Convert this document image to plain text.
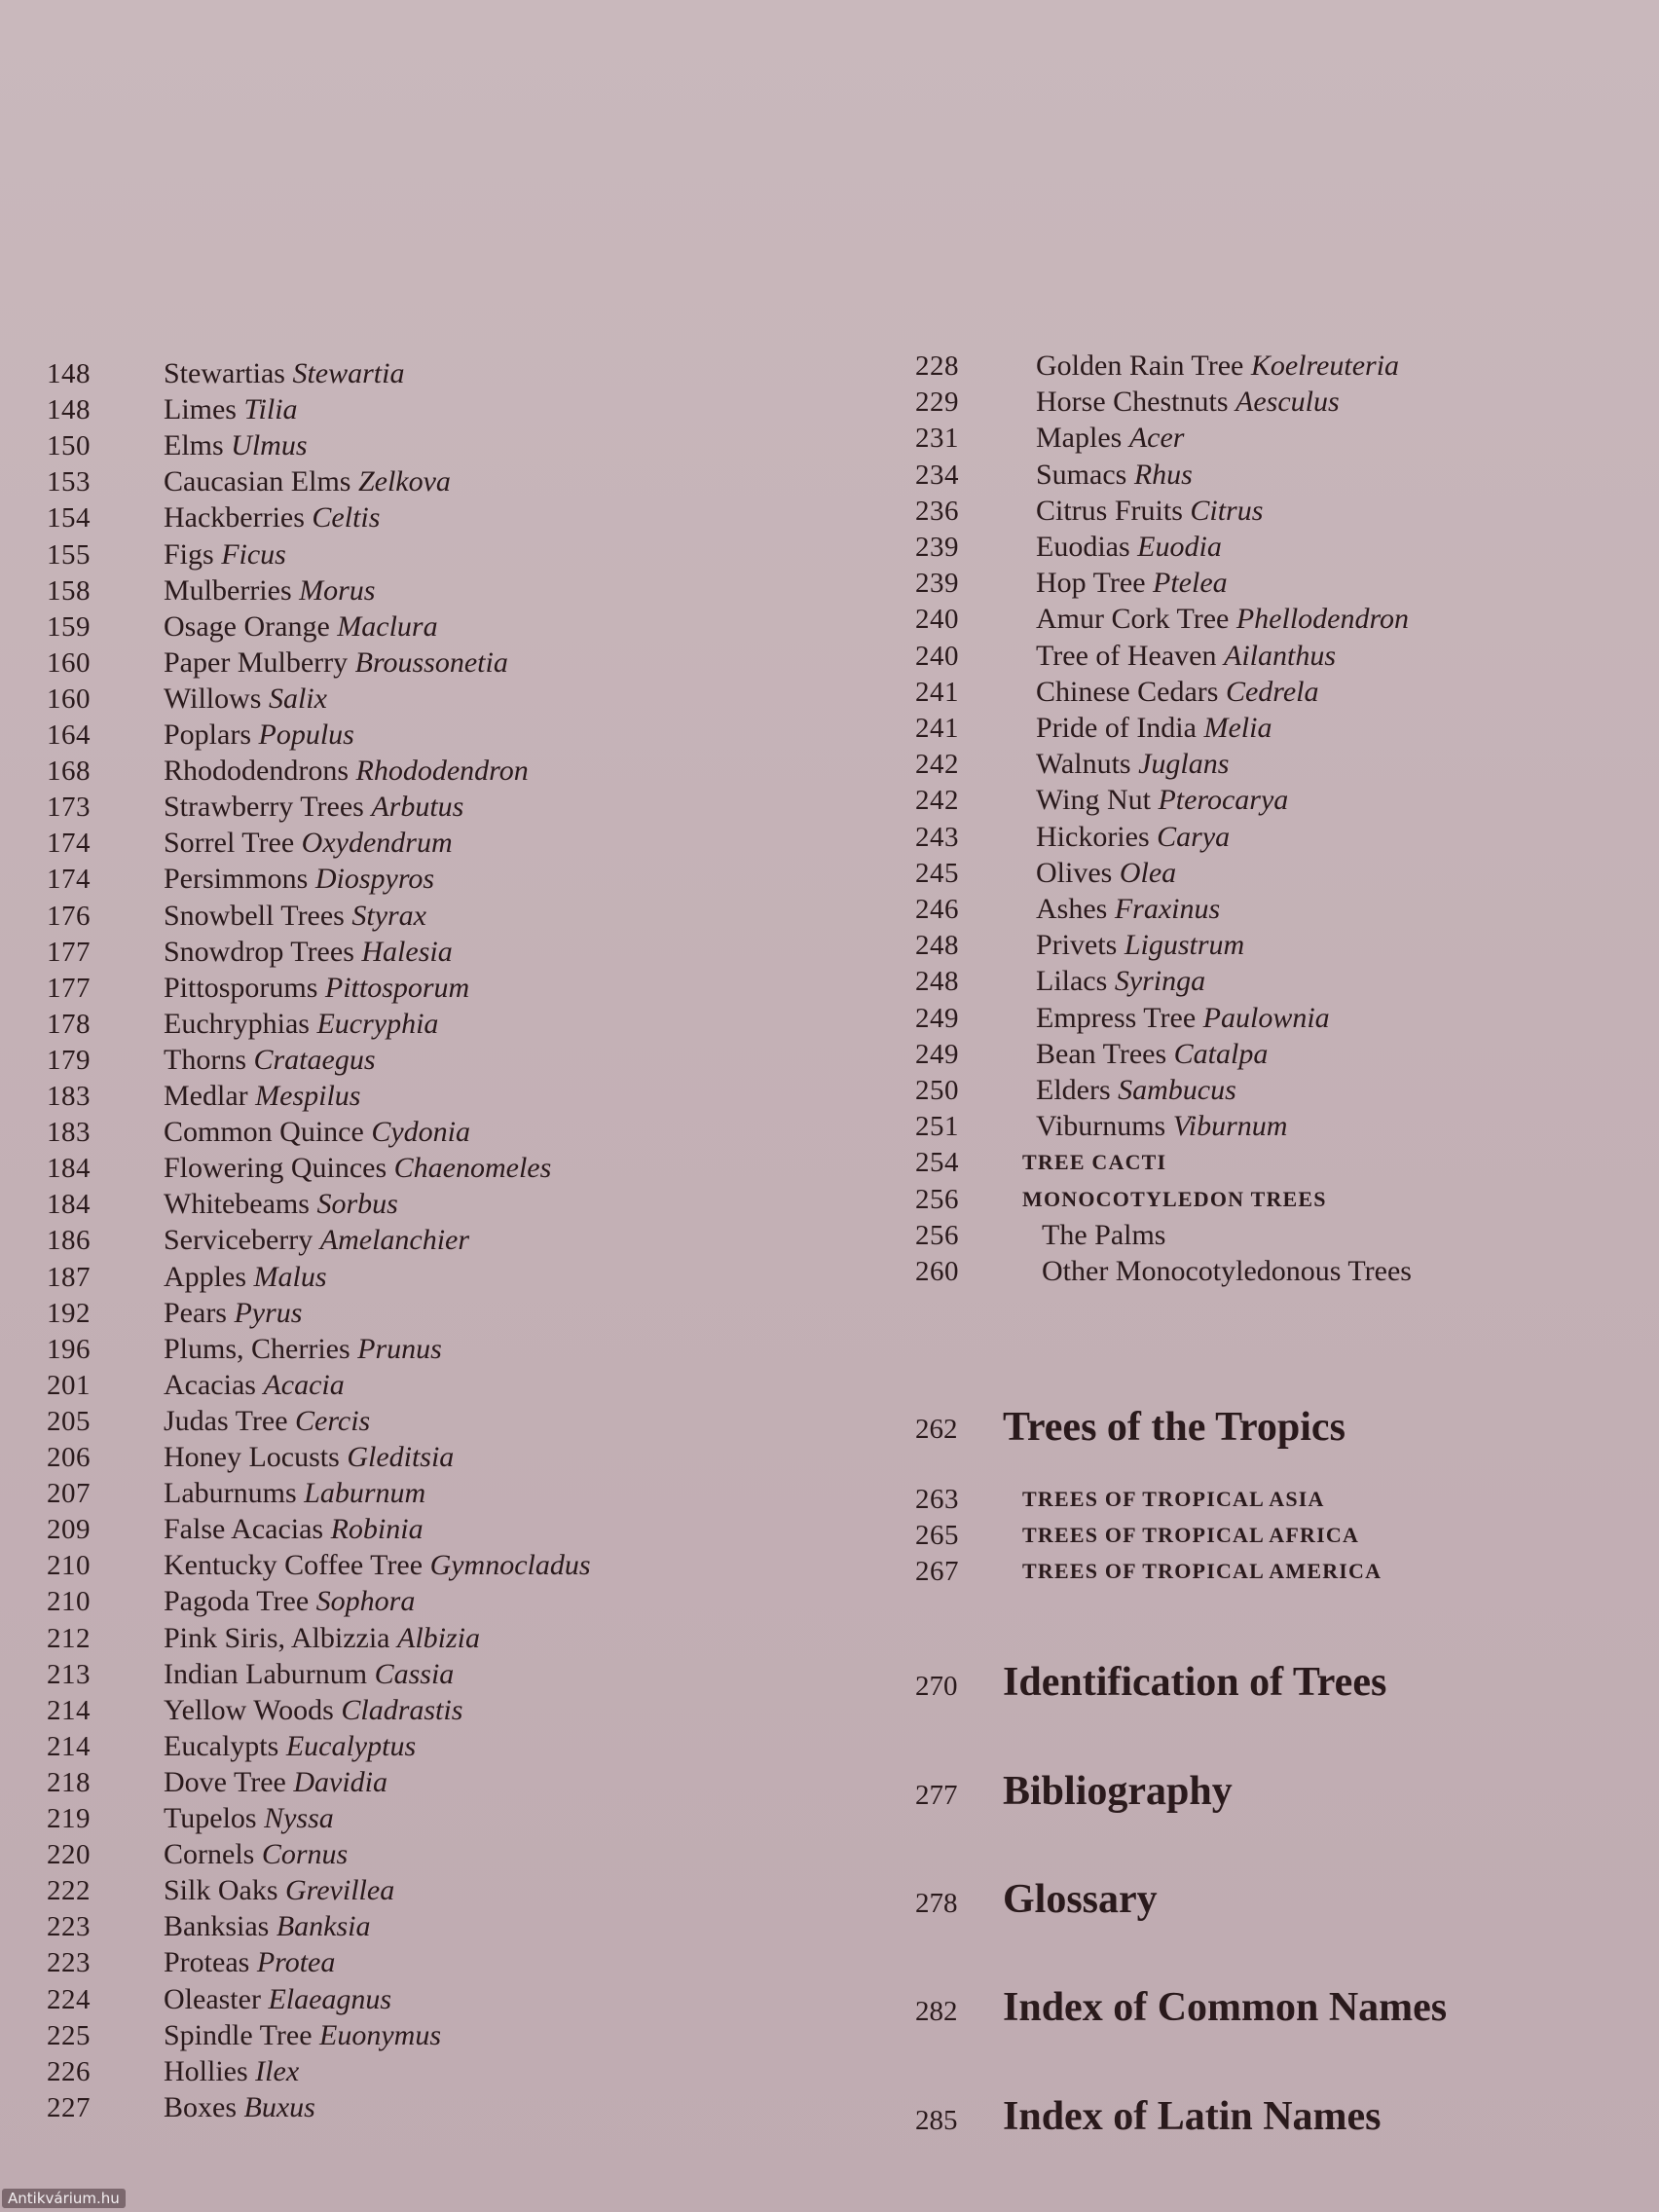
148	Stewartias Stewartia
148	Limes Tilia
150	Elms Ulmus
153	Caucasian Elms Zelkova
154	Hackberries Celtis
155	Figs Ficus
158	Mulberries Morus
159	Osage Orange Maclura
160	Paper Mulberry Broussonetia
160	Willows Salix
164	Poplars Populus
168	Rhododendrons Rhododendron
173	Strawberry Trees Arbutus
174	Sorrel Tree Oxydendrum
174	Persimmons Diospyros
176	Snowbell Trees Styrax
177	Snowdrop Trees Halesia
177	Pittosporums Pittosporum
178	Euchryphias Eucryphia
179	Thorns Crataegus
183	Medlar Mespilus
183	Common Quince Cydonia
184	Flowering Quinces Chaenomeles
184	Whitebeams Sorbus
186	Serviceberry Amelanchier
187	Apples Malus
192	Pears Pyrus
196	Plums, Cherries Prunus
201	Acacias Acacia
205	Judas Tree Cercis
206	Honey Locusts Gleditsia
207	Laburnums Laburnum
209	False Acacias Robinia
210	Kentucky Coffee Tree Gymnocladus
210	Pagoda Tree Sophora
212	Pink Siris, Albizzia Albizia
213	Indian Laburnum Cassia
214	Yellow Woods Cladrastis
214	Eucalypts Eucalyptus
218	Dove Tree Davidia
219	Tupelos Nyssa
220	Cornels Cornus
222	Silk Oaks Grevillea
223	Banksias Banksia
223	Proteas Protea
224	Oleaster Elaeagnus
225	Spindle Tree Euonymus
226	Hollies Ilex
227	Boxes Buxus
228	Golden Rain Tree Koelreuteria
229	Horse Chestnuts Aesculus
231	Maples Acer
234	Sumacs Rhus
236	Citrus Fruits Citrus
239	Euodias Euodia
239	Hop Tree Ptelea
240	Amur Cork Tree Phellodendron
240	Tree of Heaven Ailanthus
241	Chinese Cedars Cedrela
241	Pride of India Melia
242	Walnuts Juglans
242	Wing Nut Pterocarya
243	Hickories Carya
245	Olives Olea
246	Ashes Fraxinus
248	Privets Ligustrum
248	Lilacs Syringa
249	Empress Tree Paulownia
249	Bean Trees Catalpa
250	Elders Sambucus
251	Viburnums Viburnum
254	TREE CACTI
256	MONOCOTYLEDON TREES
256	The Palms
260	Other Monocotyledonous Trees
262 Trees of the Tropics
263	TREES OF TROPICAL ASIA
265	TREES OF TROPICAL AFRICA
267	TREES OF TROPICAL AMERICA
270 Identification of Trees
277 Bibliography
278 Glossary
282 Index of Common Names
285 Index of Latin Names
Antikvárium.hu
